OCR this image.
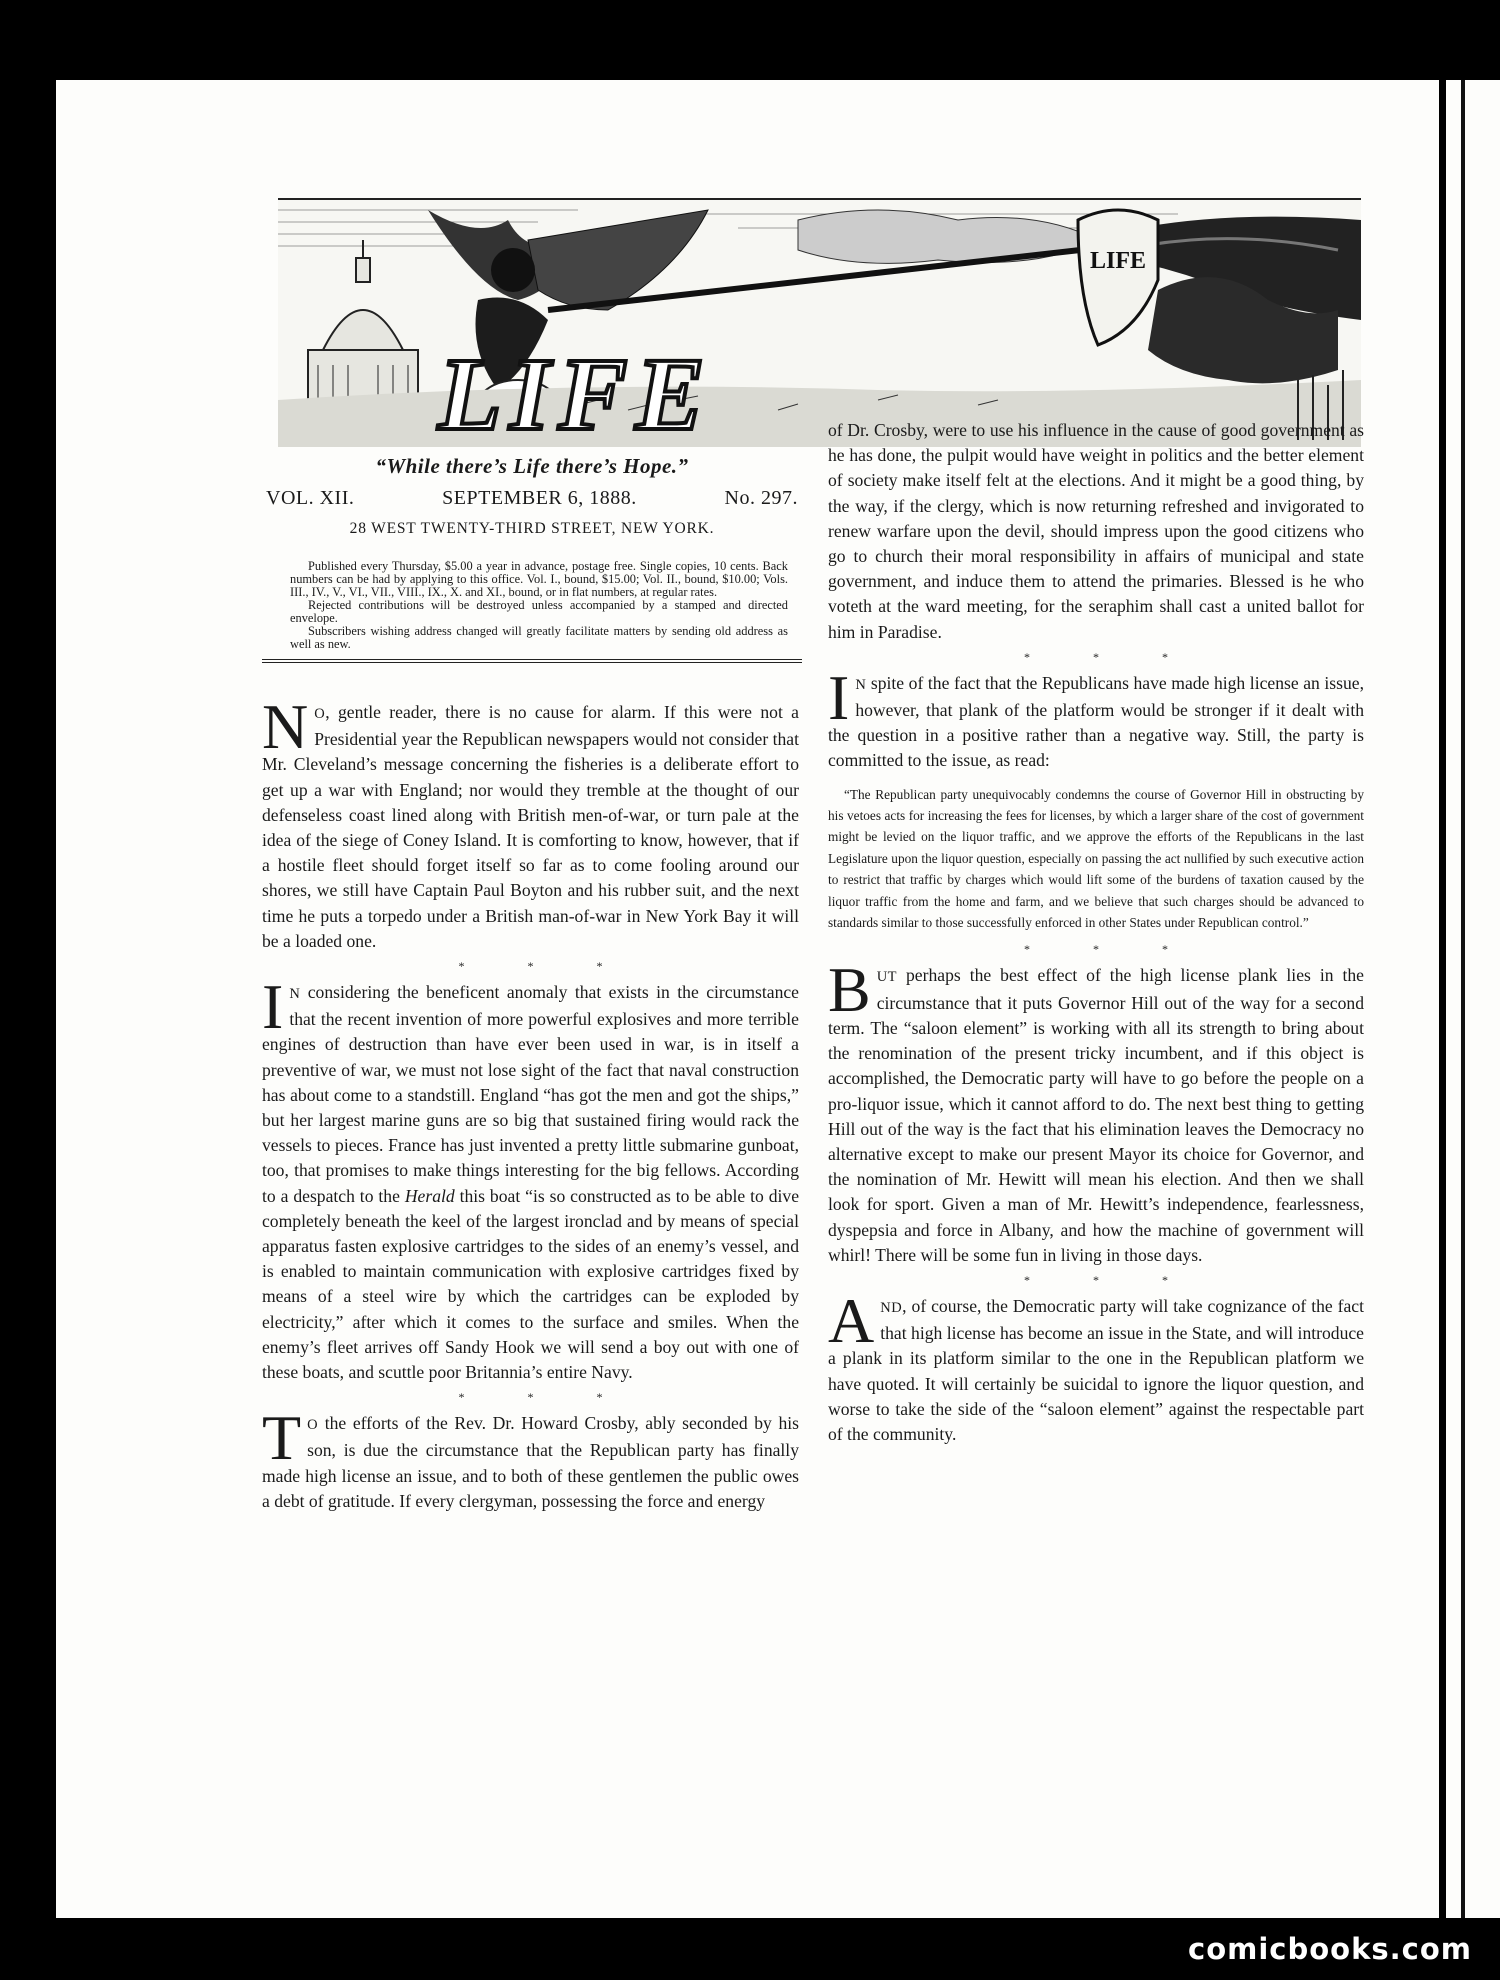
LIFE
LIFE
“While there’s Life there’s Hope.”
VOL. XII.	SEPTEMBER 6, 1888.	No. 297.
28 WEST TWENTY-THIRD STREET, NEW YORK.

Published every Thursday, $5.00 a year in advance, postage free. Single copies, 10 cents. Back numbers can be had by applying to this office. Vol. I., bound, $15.00; Vol. II., bound, $10.00; Vols. III., IV., V., VI., VII., VIII., IX., X. and XI., bound, or in flat numbers, at regular rates.

Rejected contributions will be destroyed unless accompanied by a stamped and directed envelope.

Subscribers wishing address changed will greatly facilitate matters by sending old address as well as new.

N O, gentle reader, there is no cause for alarm. If this were not a Presidential year the Republican newspapers would not consider that Mr. Cleveland’s message concerning the fisheries is a deliberate effort to get up a war with England; nor would they tremble at the thought of our defenseless coast lined along with British men-of-war, or turn pale at the idea of the siege of Coney Island. It is comforting to know, however, that if a hostile fleet should forget itself so far as to come fooling around our shores, we still have Captain Paul Boyton and his rubber suit, and the next time he puts a torpedo under a British man-of-war in New York Bay it will be a loaded one.

* * *

I N considering the beneficent anomaly that exists in the circumstance that the recent invention of more powerful explosives and more terrible engines of destruction than have ever been used in war, is in itself a preventive of war, we must not lose sight of the fact that naval construction has about come to a standstill. England “has got the men and got the ships,” but her largest marine guns are so big that sustained firing would rack the vessels to pieces. France has just invented a pretty little submarine gunboat, too, that promises to make things interesting for the big fellows. According to a despatch to the Herald this boat “is so constructed as to be able to dive completely beneath the keel of the largest ironclad and by means of special apparatus fasten explosive cartridges to the sides of an enemy’s vessel, and is enabled to maintain communication with explosive cartridges fixed by means of a steel wire by which the cartridges can be exploded by electricity,” after which it comes to the surface and smiles. When the enemy’s fleet arrives off Sandy Hook we will send a boy out with one of these boats, and scuttle poor Britannia’s entire Navy.

* * *

T O the efforts of the Rev. Dr. Howard Crosby, ably seconded by his son, is due the circumstance that the Republican party has finally made high license an issue, and to both of these gentlemen the public owes a debt of gratitude. If every clergyman, possessing the force and energy

of Dr. Crosby, were to use his influence in the cause of good government as he has done, the pulpit would have weight in politics and the better element of society make itself felt at the elections. And it might be a good thing, by the way, if the clergy, which is now returning refreshed and invigorated to renew warfare upon the devil, should impress upon the good citizens who go to church their moral responsibility in affairs of municipal and state government, and induce them to attend the primaries. Blessed is he who voteth at the ward meeting, for the seraphim shall cast a united ballot for him in Paradise.

* * *

I N spite of the fact that the Republicans have made high license an issue, however, that plank of the platform would be stronger if it dealt with the question in a positive rather than a negative way. Still, the party is committed to the issue, as read:

“The Republican party unequivocably condemns the course of Governor Hill in obstructing by his vetoes acts for increasing the fees for licenses, by which a larger share of the cost of government might be levied on the liquor traffic, and we approve the efforts of the Republicans in the last Legislature upon the liquor question, especially on passing the act nullified by such executive action to restrict that traffic by charges which would lift some of the burdens of taxation caused by the liquor traffic from the home and farm, and we believe that such charges should be advanced to standards similar to those successfully enforced in other States under Republican control.”

* * *

BUT perhaps the best effect of the high license plank lies in the circumstance that it puts Governor Hill out of the way for a second term. The “saloon element” is working with all its strength to bring about the renomination of the present tricky incumbent, and if this object is accomplished, the Democratic party will have to go before the people on a pro-liquor issue, which it cannot afford to do. The next best thing to getting Hill out of the way is the fact that his elimination leaves the Democracy no alternative except to make our present Mayor its choice for Governor, and the nomination of Mr. Hewitt will mean his election. And then we shall look for sport. Given a man of Mr. Hewitt’s independence, fearlessness, dyspepsia and force in Albany, and how the machine of government will whirl! There will be some fun in living in those days.

* * *

AND, of course, the Democratic party will take cognizance of the fact that high license has become an issue in the State, and will introduce a plank in its platform similar to the one in the Republican platform we have quoted. It will certainly be suicidal to ignore the liquor question, and worse to take the side of the “saloon element” against the respectable part of the community.

comicbooks.com
